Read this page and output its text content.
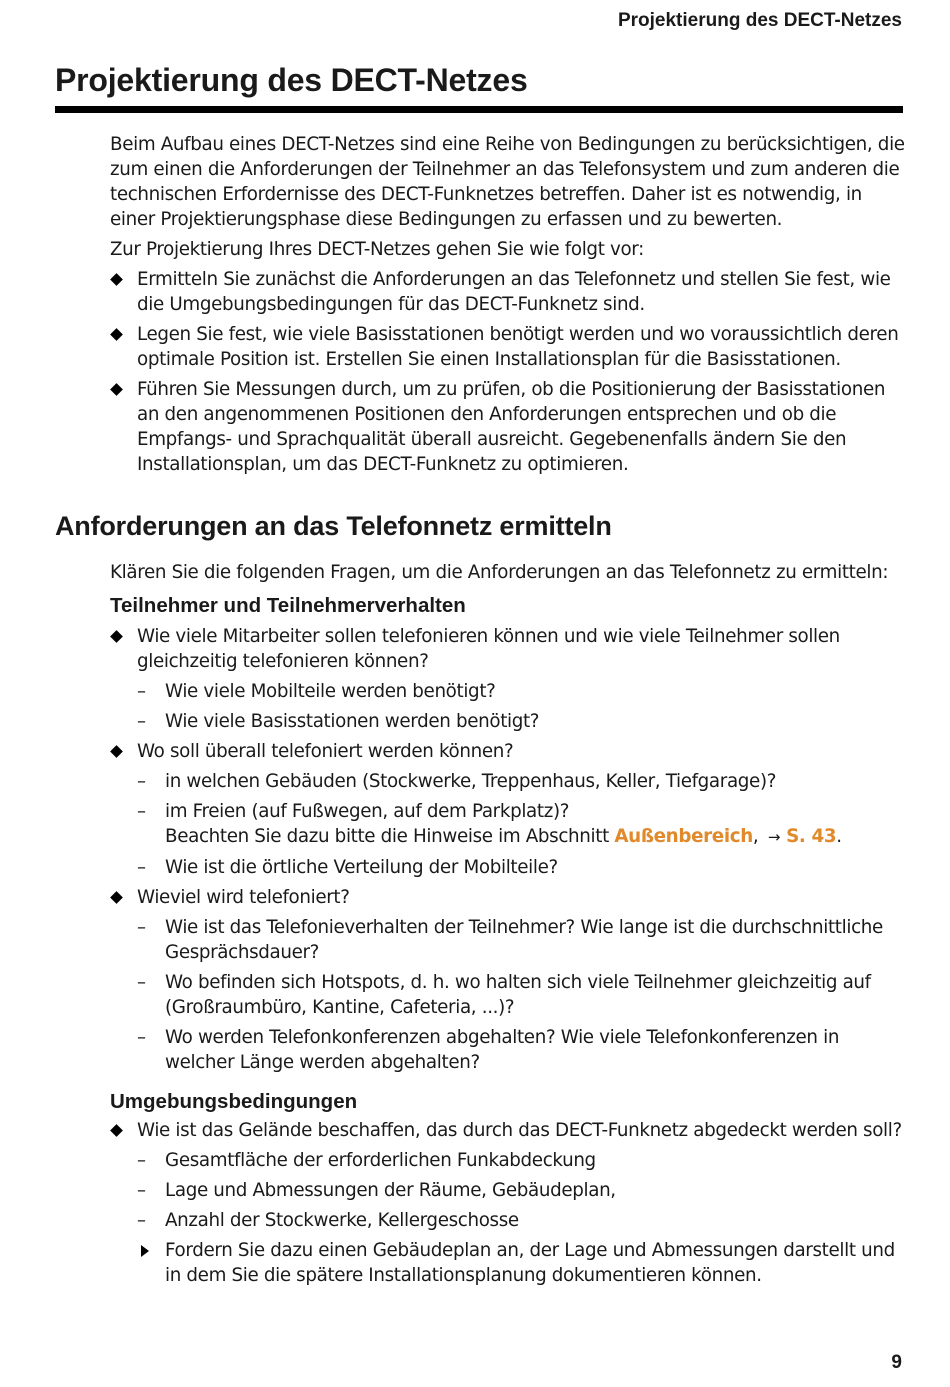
Projektierung des DECT-Netzes
Projektierung des DECT-Netzes

Beim Aufbau eines DECT-Netzes sind eine Reihe von Bedingungen zu berücksichtigen, die zum einen die Anforderungen der Teilnehmer an das Telefonsystem und zum anderen die technischen Erfordernisse des DECT-Funknetzes betreffen. Daher ist es notwendig, in einer Projektierungsphase diese Bedingungen zu erfassen und zu bewerten.

Zur Projektierung Ihres DECT-Netzes gehen Sie wie folgt vor:

Ermitteln Sie zunächst die Anforderungen an das Telefonnetz und stellen Sie fest, wie die Umgebungsbedingungen für das DECT-Funknetz sind.
Legen Sie fest, wie viele Basisstationen benötigt werden und wo voraussichtlich deren optimale Position ist. Erstellen Sie einen Installationsplan für die Basisstationen.
Führen Sie Messungen durch, um zu prüfen, ob die Positionierung der Basisstationen an den angenommenen Positionen den Anforderungen entsprechen und ob die Empfangs- und Sprachqualität überall ausreicht. Gegebenenfalls ändern Sie den Installationsplan, um das DECT-Funknetz zu optimieren.
Anforderungen an das Telefonnetz ermitteln

Klären Sie die folgenden Fragen, um die Anforderungen an das Telefonnetz zu ermitteln:

Teilnehmer und Teilnehmerverhalten
Wie viele Mitarbeiter sollen telefonieren können und wie viele Teilnehmer sollen gleichzeitig telefonieren können?
– Wie viele Mobilteile werden benötigt?
– Wie viele Basisstationen werden benötigt?
Wo soll überall telefoniert werden können?
– in welchen Gebäuden (Stockwerke, Treppenhaus, Keller, Tiefgarage)?
– im Freien (auf Fußwegen, auf dem Parkplatz)?
Beachten Sie dazu bitte die Hinweise im Abschnitt Außenbereich, → S. 43.
– Wie ist die örtliche Verteilung der Mobilteile?
Wieviel wird telefoniert?
– Wie ist das Telefonieverhalten der Teilnehmer? Wie lange ist die durchschnittliche Gesprächsdauer?
– Wo befinden sich Hotspots, d. h. wo halten sich viele Teilnehmer gleichzeitig auf (Großraumbüro, Kantine, Cafeteria, ...)?
– Wo werden Telefonkonferenzen abgehalten? Wie viele Telefonkonferenzen in welcher Länge werden abgehalten?
Umgebungsbedingungen
Wie ist das Gelände beschaffen, das durch das DECT-Funknetz abgedeckt werden soll?
– Gesamtfläche der erforderlichen Funkabdeckung
– Lage und Abmessungen der Räume, Gebäudeplan,
– Anzahl der Stockwerke, Kellergeschosse
Fordern Sie dazu einen Gebäudeplan an, der Lage und Abmessungen darstellt und in dem Sie die spätere Installationsplanung dokumentieren können.
9
